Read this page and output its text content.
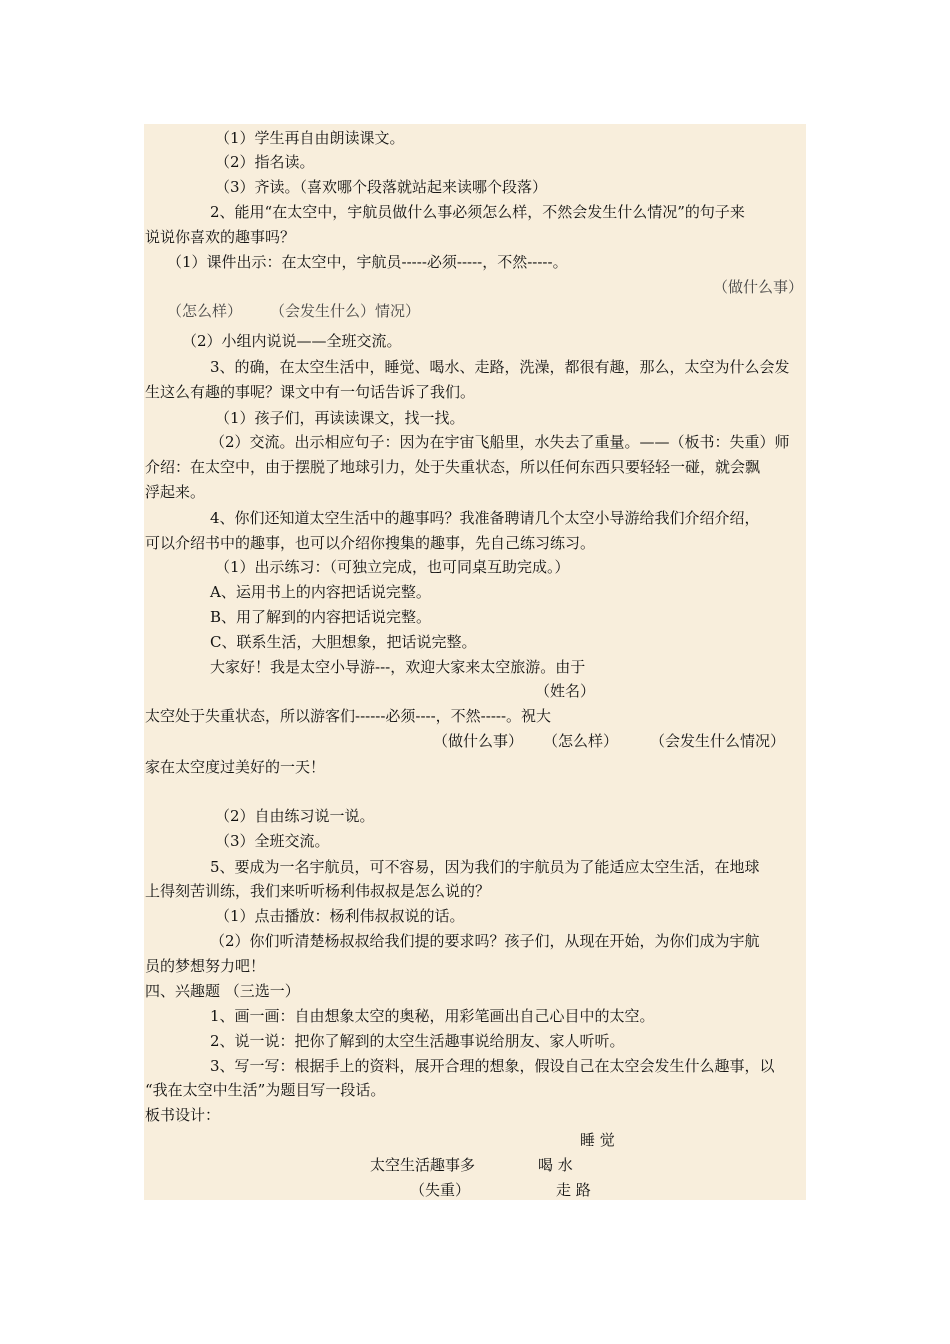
（1）学生再自由朗读课文。
（2）指名读。
（3）齐读。（喜欢哪个段落就站起来读哪个段落）
2、能用“在太空中，宇航员做什么事必须怎么样，不然会发生什么情况”的句子来
说说你喜欢的趣事吗？
（1）课件出示：在太空中，宇航员-----必须-----，不然-----。
（做什么事）
（怎么样） （会发生什么）情况）
（2）小组内说说——全班交流。
3、的确，在太空生活中，睡觉、喝水、走路，洗澡，都很有趣，那么，太空为什么会发
生这么有趣的事呢？课文中有一句话告诉了我们。
（1）孩子们，再读读课文，找一找。
（2）交流。出示相应句子：因为在宇宙飞船里，水失去了重量。——（板书：失重）师
介绍：在太空中，由于摆脱了地球引力，处于失重状态，所以任何东西只要轻轻一碰，就会飘
浮起来。
4、你们还知道太空生活中的趣事吗？我准备聘请几个太空小导游给我们介绍介绍，
可以介绍书中的趣事，也可以介绍你搜集的趣事，先自己练习练习。
（1）出示练习：（可独立完成，也可同桌互助完成。）
A、运用书上的内容把话说完整。
B、用了解到的内容把话说完整。
C、联系生活，大胆想象，把话说完整。
大家好！我是太空小导游---，欢迎大家来太空旅游。由于
（姓名）
太空处于失重状态，所以游客们------必须----，不然-----。祝大
（做什么事） （怎么样） （会发生什么情况）
家在太空度过美好的一天！
（2）自由练习说一说。
（3）全班交流。
5、要成为一名宇航员，可不容易，因为我们的宇航员为了能适应太空生活，在地球
上得刻苦训练，我们来听听杨利伟叔叔是怎么说的？
（1）点击播放：杨利伟叔叔说的话。
（2）你们听清楚杨叔叔给我们提的要求吗？孩子们，从现在开始，为你们成为宇航
员的梦想努力吧！
四、兴趣题 （三选一）
1、画一画：自由想象太空的奥秘，用彩笔画出自己心目中的太空。
2、说一说：把你了解到的太空生活趣事说给朋友、家人听听。
3、写一写：根据手上的资料，展开合理的想象，假设自己在太空会发生什么趣事，以
“我在太空中生活”为题目写一段话。
板书设计：
睡 觉
太空生活趣事多	喝 水
（失重）	走 路
